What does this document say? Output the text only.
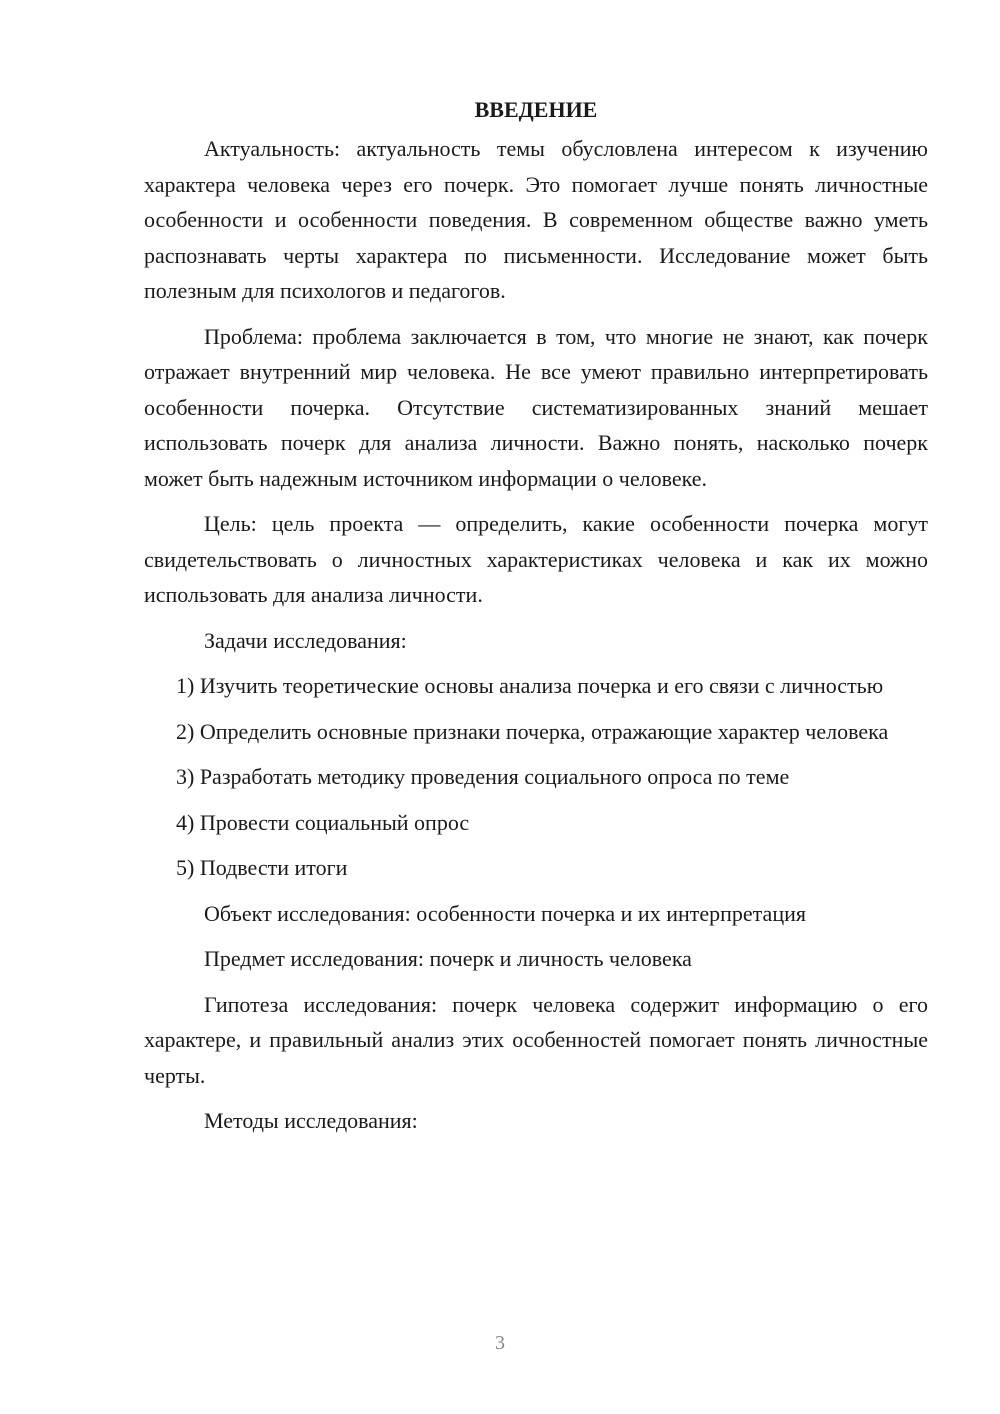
ВВЕДЕНИЕ

Актуальность: актуальность темы обусловлена интересом к изучению характера человека через его почерк. Это помогает лучше понять личностные особенности и особенности поведения. В современном обществе важно уметь распознавать черты характера по письменности. Исследование может быть полезным для психологов и педагогов.

Проблема: проблема заключается в том, что многие не знают, как почерк отражает внутренний мир человека. Не все умеют правильно интерпретировать особенности почерка. Отсутствие систематизированных знаний мешает использовать почерк для анализа личности. Важно понять, насколько почерк может быть надежным источником информации о человеке.

Цель: цель проекта — определить, какие особенности почерка могут свидетельствовать о личностных характеристиках человека и как их можно использовать для анализа личности.

Задачи исследования:

1) Изучить теоретические основы анализа почерка и его связи с личностью

2) Определить основные признаки почерка, отражающие характер человека

3) Разработать методику проведения социального опроса по теме

4) Провести социальный опрос

5) Подвести итоги

Объект исследования: особенности почерка и их интерпретация

Предмет исследования: почерк и личность человека

Гипотеза исследования: почерк человека содержит информацию о его характере, и правильный анализ этих особенностей помогает понять личностные черты.

Методы исследования:

3
